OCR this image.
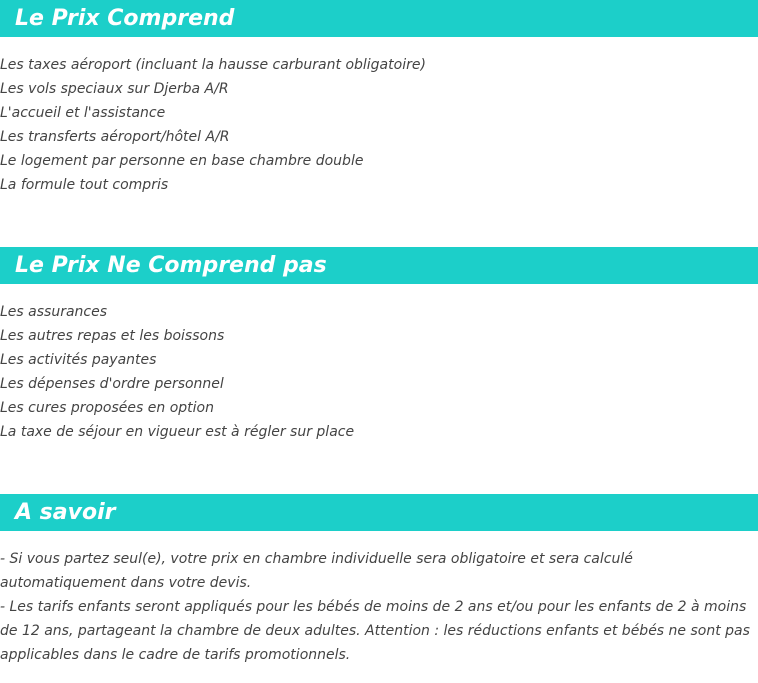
Le Prix Comprend
Les taxes aéroport (incluant la hausse carburant obligatoire)
Les vols speciaux sur Djerba A/R
L'accueil et l'assistance
Les transferts aéroport/hôtel A/R
Le logement par personne en base chambre double
La formule tout compris
Le Prix Ne Comprend pas
Les assurances
Les autres repas et les boissons
Les activités payantes
Les dépenses d'ordre personnel
Les cures proposées en option
La taxe de séjour en vigueur est à régler sur place
A savoir
- Si vous partez seul(e), votre prix en chambre individuelle sera obligatoire et sera calculé automatiquement dans votre devis.
- Les tarifs enfants seront appliqués pour les bébés de moins de 2 ans et/ou pour les enfants de 2 à moins de 12 ans, partageant la chambre de deux adultes. Attention : les réductions enfants et bébés ne sont pas applicables dans le cadre de tarifs promotionnels.
